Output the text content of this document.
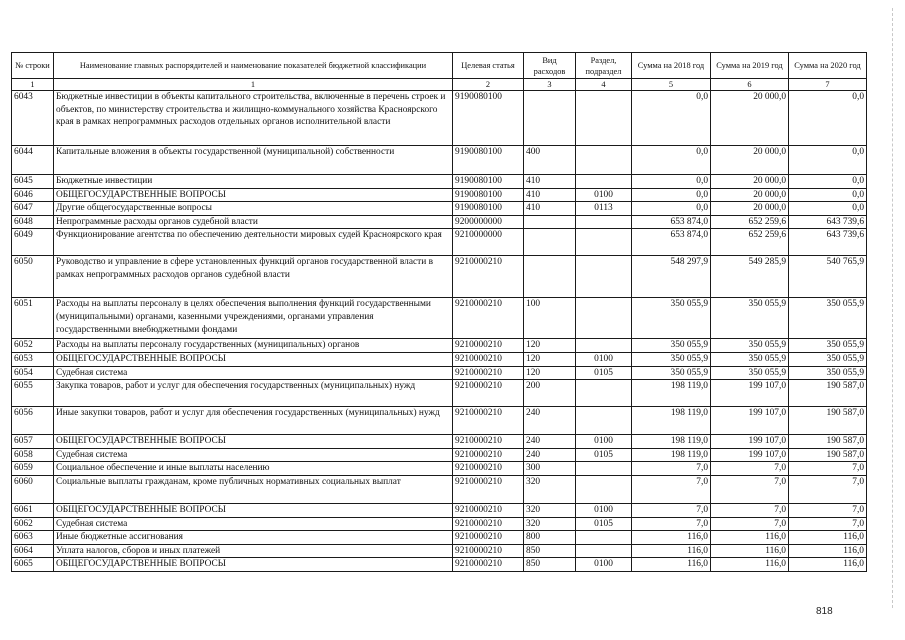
№ строки	Наименование главных распорядителей и наименование показателей бюджетной классификации	Целевая статья	Вид расходов	Раздел, подраздел	Сумма на 2018 год	Сумма на 2019 год	Сумма на 2020 год
1	1	2	3	4	5	6	7
6043	Бюджетные инвестиции в объекты капитального строительства, включенные в перечень строек и объектов, по министерству строительства и жилищно-коммунального хозяйства Красноярского края в рамках непрограммных расходов отдельных органов исполнительной власти	9190080100			0,0	20 000,0	0,0
6044	Капитальные вложения в объекты государственной (муниципальной) собственности	9190080100	400		0,0	20 000,0	0,0
6045	Бюджетные инвестиции	9190080100	410		0,0	20 000,0	0,0
6046	ОБЩЕГОСУДАРСТВЕННЫЕ ВОПРОСЫ	9190080100	410	0100	0,0	20 000,0	0,0
6047	Другие общегосударственные вопросы	9190080100	410	0113	0,0	20 000,0	0,0
6048	Непрограммные расходы органов судебной власти	9200000000			653 874,0	652 259,6	643 739,6
6049	Функционирование агентства по обеспечению деятельности мировых судей Красноярского края	9210000000			653 874,0	652 259,6	643 739,6
6050	Руководство и управление в сфере установленных функций органов государственной власти в рамках непрограммных расходов органов судебной власти	9210000210			548 297,9	549 285,9	540 765,9
6051	Расходы на выплаты персоналу в целях обеспечения выполнения функций государственными (муниципальными) органами, казенными учреждениями, органами управления государственными внебюджетными фондами	9210000210	100		350 055,9	350 055,9	350 055,9
6052	Расходы на выплаты персоналу государственных (муниципальных) органов	9210000210	120		350 055,9	350 055,9	350 055,9
6053	ОБЩЕГОСУДАРСТВЕННЫЕ ВОПРОСЫ	9210000210	120	0100	350 055,9	350 055,9	350 055,9
6054	Судебная система	9210000210	120	0105	350 055,9	350 055,9	350 055,9
6055	Закупка товаров, работ и услуг для обеспечения государственных (муниципальных) нужд	9210000210	200		198 119,0	199 107,0	190 587,0
6056	Иные закупки товаров, работ и услуг для обеспечения государственных (муниципальных) нужд	9210000210	240		198 119,0	199 107,0	190 587,0
6057	ОБЩЕГОСУДАРСТВЕННЫЕ ВОПРОСЫ	9210000210	240	0100	198 119,0	199 107,0	190 587,0
6058	Судебная система	9210000210	240	0105	198 119,0	199 107,0	190 587,0
6059	Социальное обеспечение и иные выплаты населению	9210000210	300		7,0	7,0	7,0
6060	Социальные выплаты гражданам, кроме публичных нормативных социальных выплат	9210000210	320		7,0	7,0	7,0
6061	ОБЩЕГОСУДАРСТВЕННЫЕ ВОПРОСЫ	9210000210	320	0100	7,0	7,0	7,0
6062	Судебная система	9210000210	320	0105	7,0	7,0	7,0
6063	Иные бюджетные ассигнования	9210000210	800		116,0	116,0	116,0
6064	Уплата налогов, сборов и иных платежей	9210000210	850		116,0	116,0	116,0
6065	ОБЩЕГОСУДАРСТВЕННЫЕ ВОПРОСЫ	9210000210	850	0100	116,0	116,0	116,0
818
